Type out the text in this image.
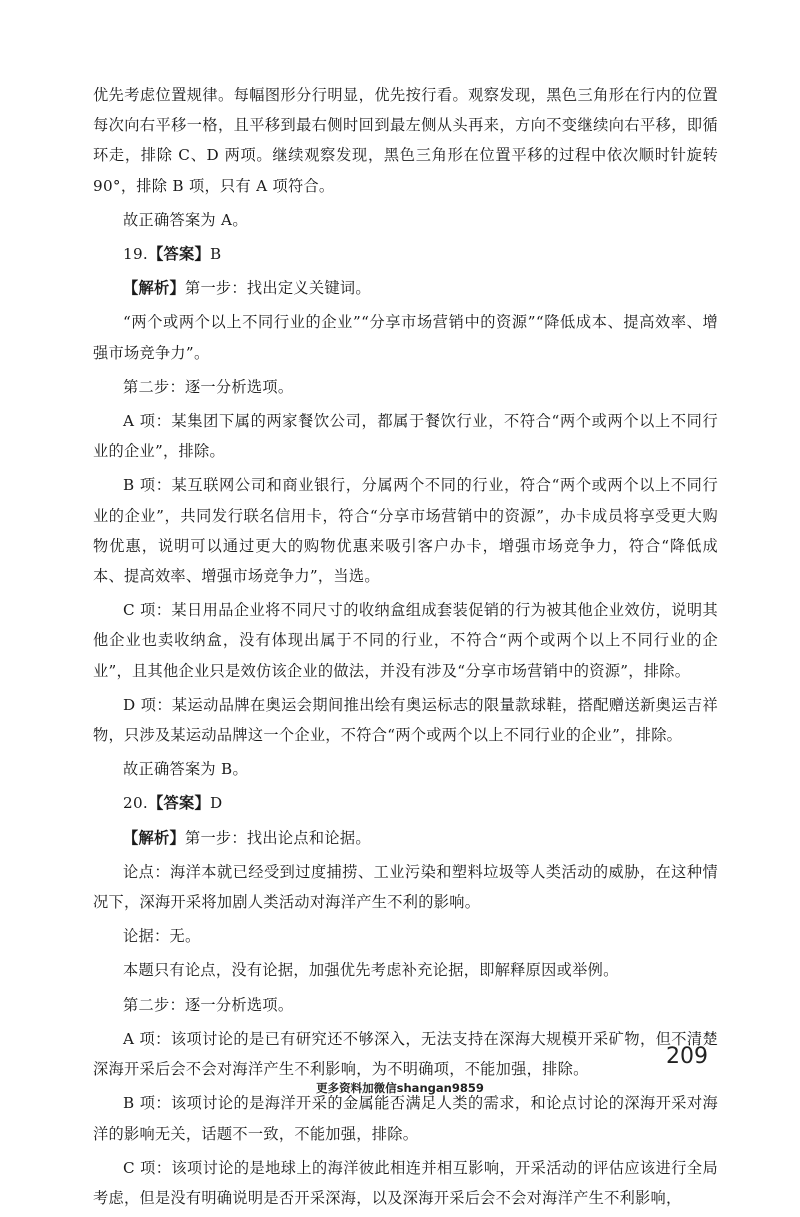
优先考虑位置规律。每幅图形分行明显，优先按行看。观察发现，黑色三角形在行内的位置每次向右平移一格，且平移到最右侧时回到最左侧从头再来，方向不变继续向右平移，即循环走，排除 C、D 两项。继续观察发现，黑色三角形在位置平移的过程中依次顺时针旋转 90°，排除 B 项，只有 A 项符合。

故正确答案为 A。

19.【答案】B

【解析】第一步：找出定义关键词。

“两个或两个以上不同行业的企业”“分享市场营销中的资源”“降低成本、提高效率、增强市场竞争力”。

第二步：逐一分析选项。

A 项：某集团下属的两家餐饮公司，都属于餐饮行业，不符合“两个或两个以上不同行业的企业”，排除。

B 项：某互联网公司和商业银行，分属两个不同的行业，符合“两个或两个以上不同行业的企业”，共同发行联名信用卡，符合“分享市场营销中的资源”，办卡成员将享受更大购物优惠，说明可以通过更大的购物优惠来吸引客户办卡，增强市场竞争力，符合“降低成本、提高效率、增强市场竞争力”，当选。

C 项：某日用品企业将不同尺寸的收纳盒组成套装促销的行为被其他企业效仿，说明其他企业也卖收纳盒，没有体现出属于不同的行业，不符合“两个或两个以上不同行业的企业”，且其他企业只是效仿该企业的做法，并没有涉及“分享市场营销中的资源”，排除。

D 项：某运动品牌在奥运会期间推出绘有奥运标志的限量款球鞋，搭配赠送新奥运吉祥物，只涉及某运动品牌这一个企业，不符合“两个或两个以上不同行业的企业”，排除。

故正确答案为 B。

20.【答案】D

【解析】第一步：找出论点和论据。

论点：海洋本就已经受到过度捕捞、工业污染和塑料垃圾等人类活动的威胁，在这种情况下，深海开采将加剧人类活动对海洋产生不利的影响。

论据：无。

本题只有论点，没有论据，加强优先考虑补充论据，即解释原因或举例。

第二步：逐一分析选项。

A 项：该项讨论的是已有研究还不够深入，无法支持在深海大规模开采矿物，但不清楚深海开采后会不会对海洋产生不利影响，为不明确项，不能加强，排除。

B 项：该项讨论的是海洋开采的金属能否满足人类的需求，和论点讨论的深海开采对海洋的影响无关，话题不一致，不能加强，排除。

C 项：该项讨论的是地球上的海洋彼此相连并相互影响，开采活动的评估应该进行全局考虑，但是没有明确说明是否开采深海，以及深海开采后会不会对海洋产生不利影响，

209
更多资料加微信shangan9859
